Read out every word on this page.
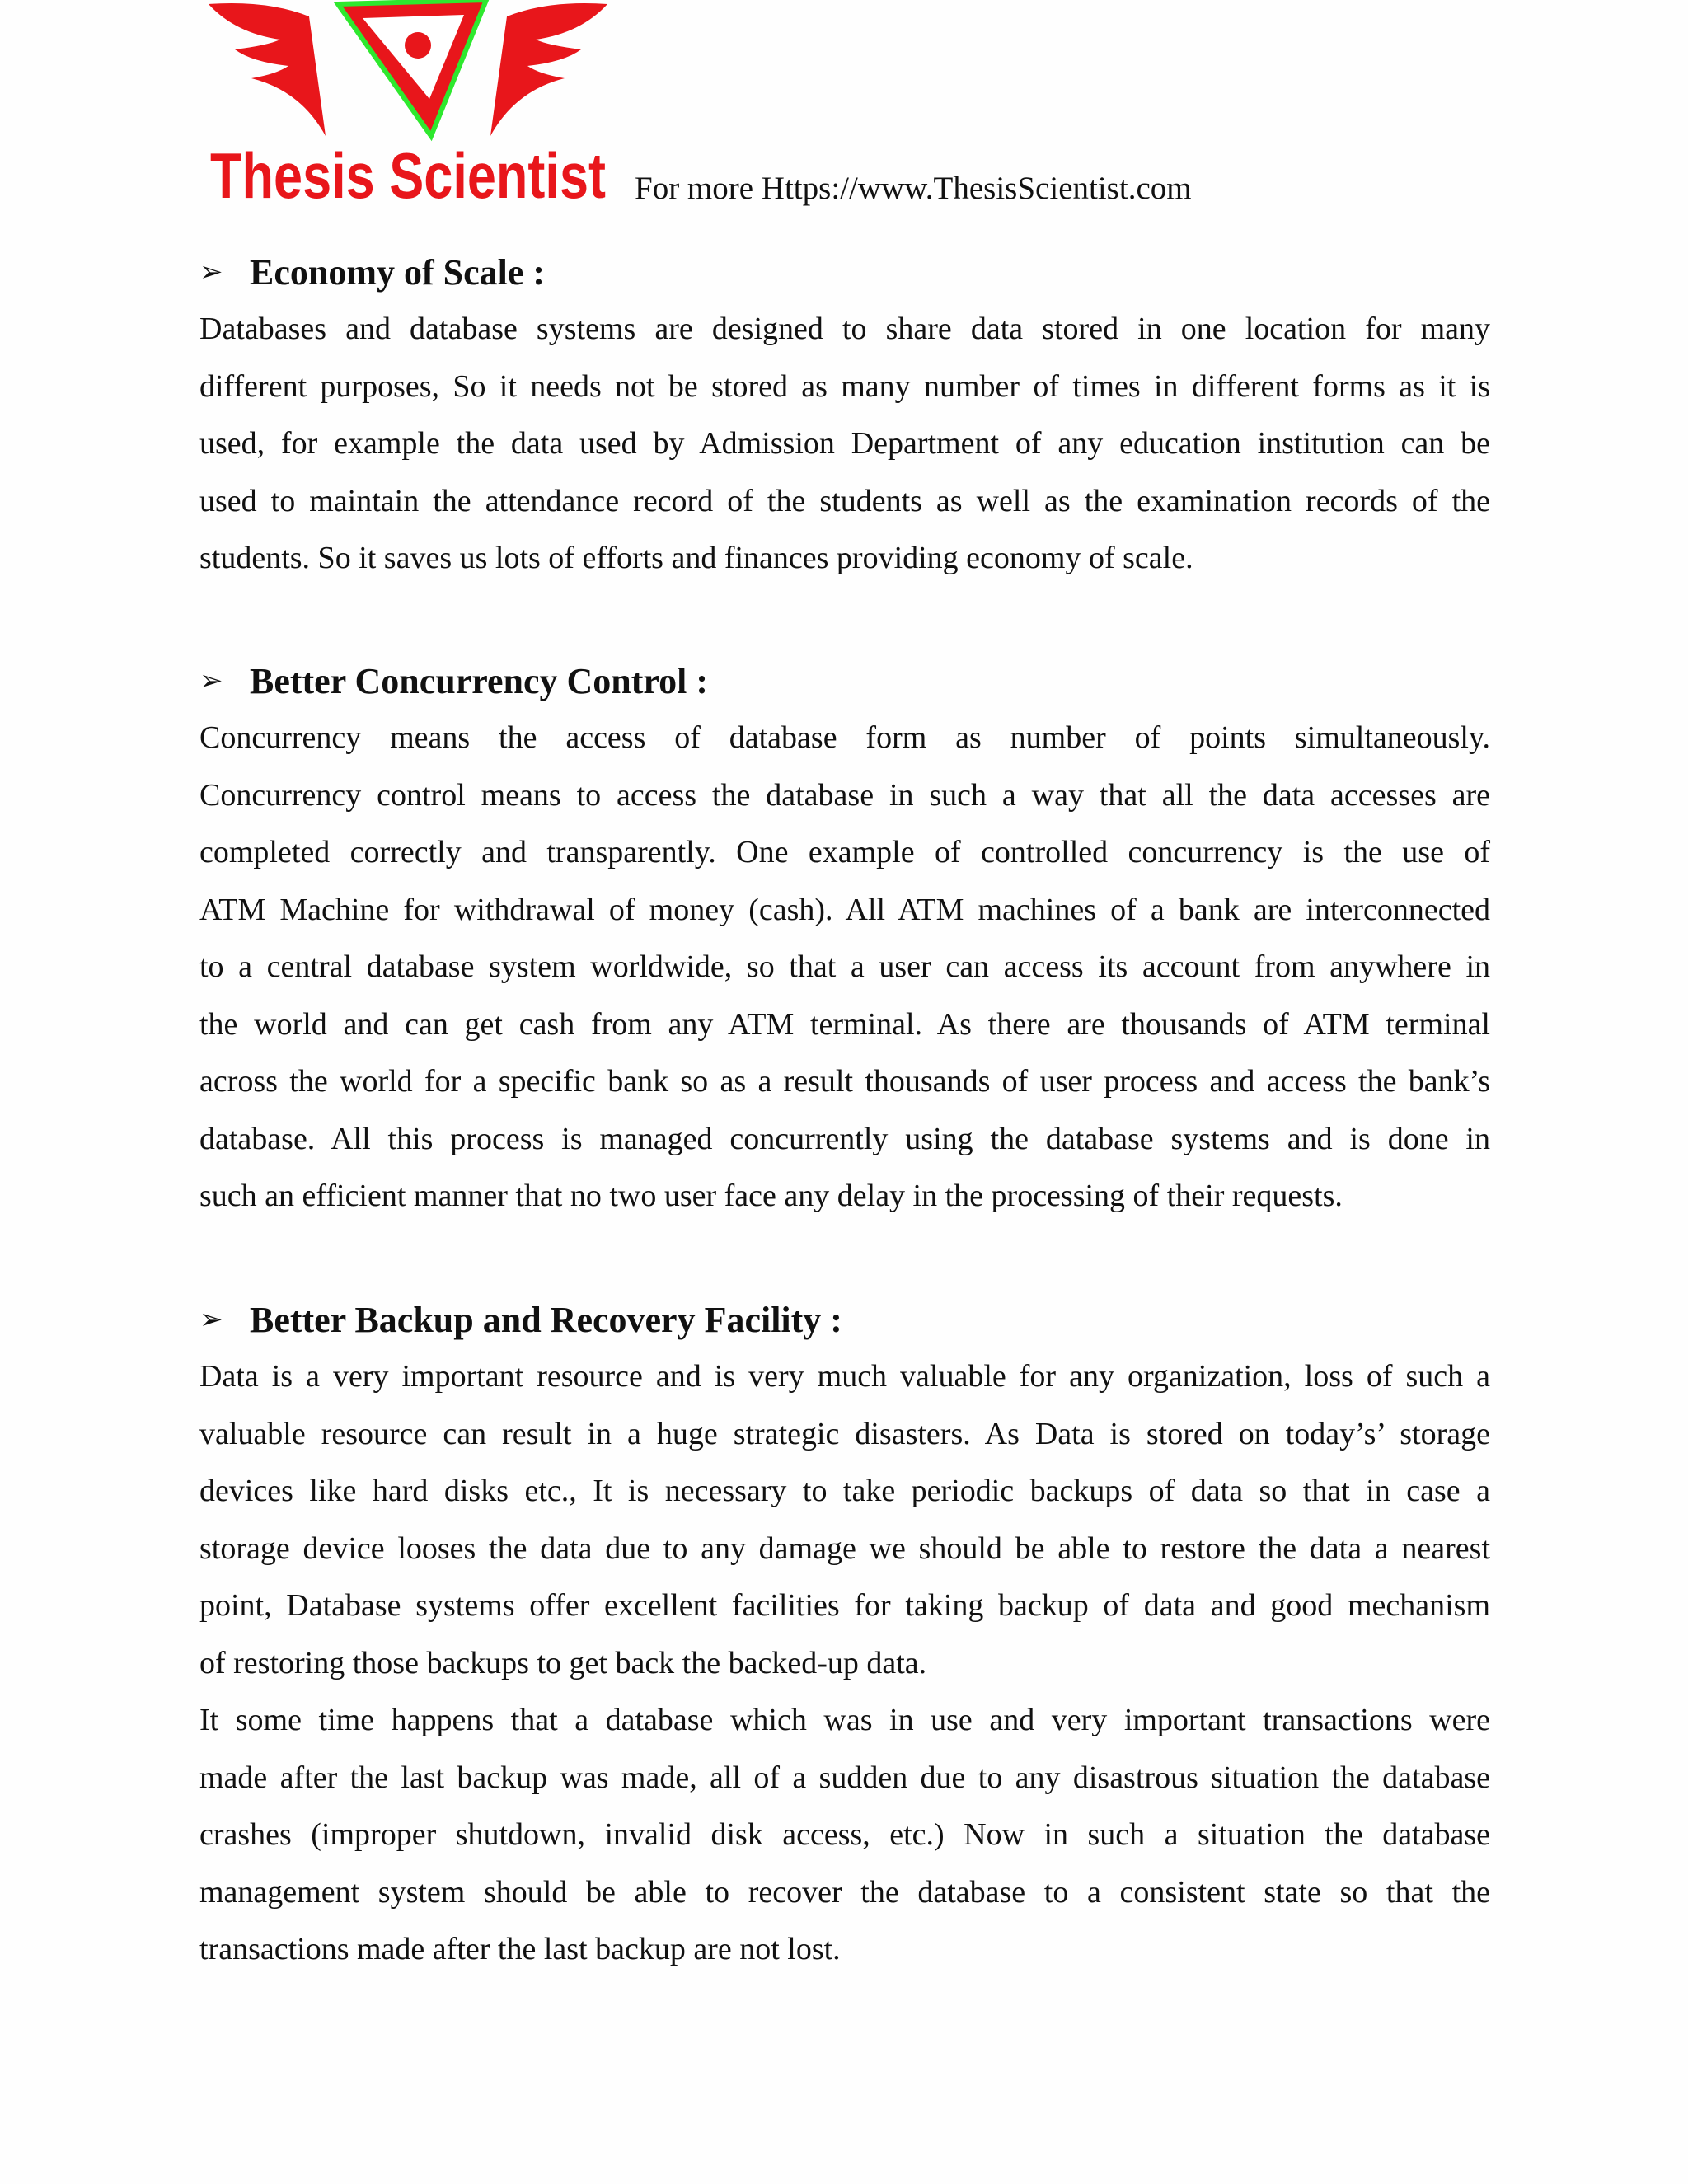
Thesis Scientist For more Https://www.ThesisScientist.com
➢ Economy of Scale :
Databases and database systems are designed to share data stored in one location for many
different purposes, So it needs not be stored as many number of times in different forms as it is
used, for example the data used by Admission Department of any education institution can be
used to maintain the attendance record of the students as well as the examination records of the
students. So it saves us lots of efforts and finances providing economy of scale.
➢ Better Concurrency Control :
Concurrency means the access of database form as number of points simultaneously.
Concurrency control means to access the database in such a way that all the data accesses are
completed correctly and transparently. One example of controlled concurrency is the use of
ATM Machine for withdrawal of money (cash). All ATM machines of a bank are interconnected
to a central database system worldwide, so that a user can access its account from anywhere in
the world and can get cash from any ATM terminal. As there are thousands of ATM terminal
across the world for a specific bank so as a result thousands of user process and access the bank’s
database. All this process is managed concurrently using the database systems and is done in
such an efficient manner that no two user face any delay in the processing of their requests.
➢ Better Backup and Recovery Facility :
Data is a very important resource and is very much valuable for any organization, loss of such a
valuable resource can result in a huge strategic disasters. As Data is stored on today’s’ storage
devices like hard disks etc., It is necessary to take periodic backups of data so that in case a
storage device looses the data due to any damage we should be able to restore the data a nearest
point, Database systems offer excellent facilities for taking backup of data and good mechanism
of restoring those backups to get back the backed-up data.
It some time happens that a database which was in use and very important transactions were
made after the last backup was made, all of a sudden due to any disastrous situation the database
crashes (improper shutdown, invalid disk access, etc.) Now in such a situation the database
management system should be able to recover the database to a consistent state so that the
transactions made after the last backup are not lost.
